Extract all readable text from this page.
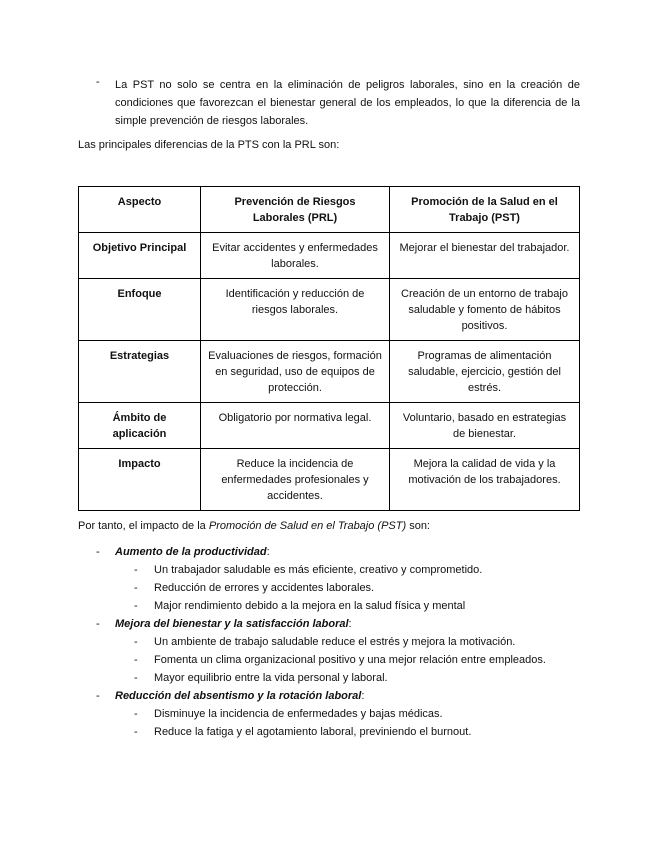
- La PST no solo se centra en la eliminación de peligros laborales, sino en la creación de condiciones que favorezcan el bienestar general de los empleados, lo que la diferencia de la simple prevención de riesgos laborales.
Las principales diferencias de la PTS con la PRL son:
Aspecto	Prevención de Riesgos Laborales (PRL)	Promoción de la Salud en el Trabajo (PST)
Objetivo Principal	Evitar accidentes y enfermedades laborales.	Mejorar el bienestar del trabajador.
Enfoque	Identificación y reducción de riesgos laborales.	Creación de un entorno de trabajo saludable y fomento de hábitos positivos.
Estrategias	Evaluaciones de riesgos, formación en seguridad, uso de equipos de protección.	Programas de alimentación saludable, ejercicio, gestión del estrés.
Ámbito de aplicación	Obligatorio por normativa legal.	Voluntario, basado en estrategias de bienestar.
Impacto	Reduce la incidencia de enfermedades profesionales y accidentes.	Mejora la calidad de vida y la motivación de los trabajadores.
Por tanto, el impacto de la Promoción de Salud en el Trabajo (PST) son:
- Aumento de la productividad:
- Un trabajador saludable es más eficiente, creativo y comprometido.
- Reducción de errores y accidentes laborales.
- Major rendimiento debido a la mejora en la salud física y mental
- Mejora del bienestar y la satisfacción laboral:
- Un ambiente de trabajo saludable reduce el estrés y mejora la motivación.
- Fomenta un clima organizacional positivo y una mejor relación entre empleados.
- Mayor equilibrio entre la vida personal y laboral.
- Reducción del absentismo y la rotación laboral:
- Disminuye la incidencia de enfermedades y bajas médicas.
- Reduce la fatiga y el agotamiento laboral, previniendo el burnout.
